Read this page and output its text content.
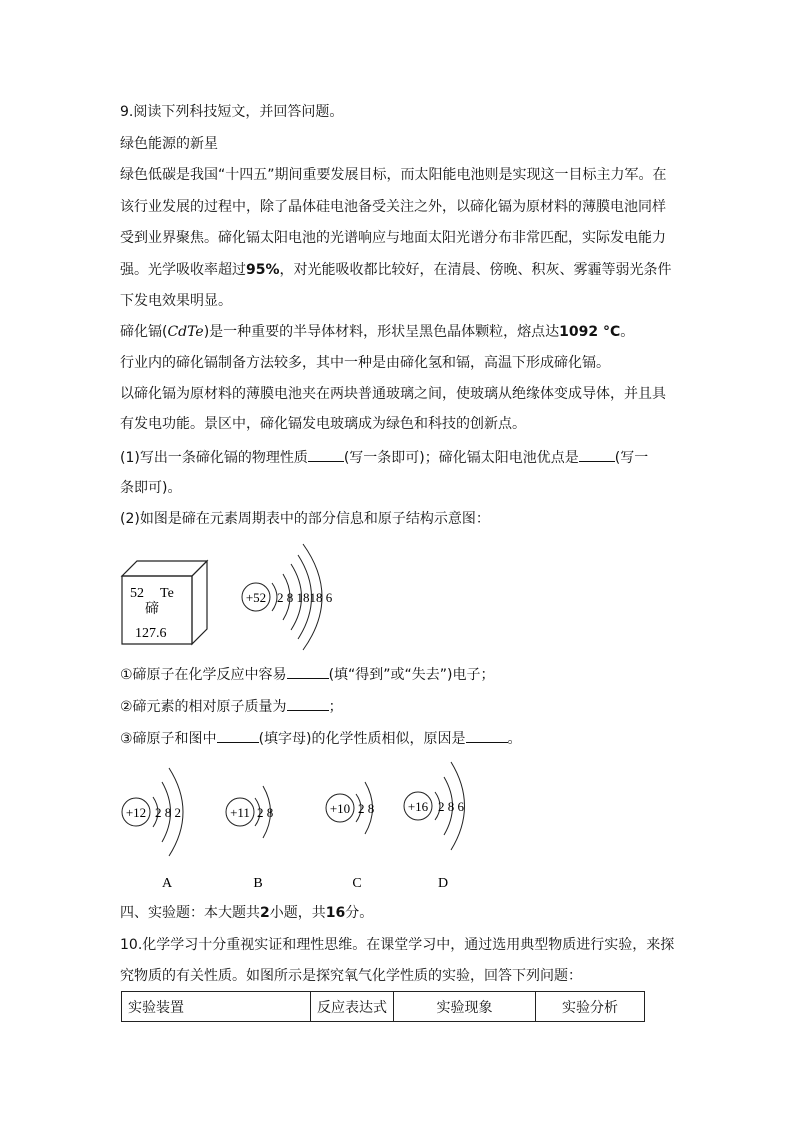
9.阅读下列科技短文，并回答问题。
绿色能源的新星
绿色低碳是我国“十四五”期间重要发展目标，而太阳能电池则是实现这一目标主力军。在
该行业发展的过程中，除了晶体硅电池备受关注之外，以碲化镉为原材料的薄膜电池同样
受到业界聚焦。碲化镉太阳电池的光谱响应与地面太阳光谱分布非常匹配，实际发电能力
强。光学吸收率超过95%，对光能吸收都比较好，在清晨、傍晚、积灰、雾霾等弱光条件
下发电效果明显。
碲化镉(CdTe)是一种重要的半导体材料，形状呈黑色晶体颗粒，熔点达1092 °C。
行业内的碲化镉制备方法较多，其中一种是由碲化氢和镉，高温下形成碲化镉。
以碲化镉为原材料的薄膜电池夹在两块普通玻璃之间，使玻璃从绝缘体变成导体，并且具
有发电功能。景区中，碲化镉发电玻璃成为绿色和科技的创新点。
(1)写出一条碲化镉的物理性质	(写一条即可)；碲化镉太阳电池优点是	(写一
条即可)。
(2)如图是碲在元素周期表中的部分信息和原子结构示意图：
52 Te
碲
127.6
+52 2 8 1818 6
①碲原子在化学反应中容易	(填“得到”或“失去”)电子；
②碲元素的相对原子质量为	；
③碲原子和图中	(填字母)的化学性质相似，原因是	。
+12 2 8 2
A
+11 2 8
B
+10 2 8
C
+16 2 8 6
D
四、实验题：本大题共2小题，共16分。
10.化学学习十分重视实证和理性思维。在课堂学习中，通过选用典型物质进行实验，来探
究物质的有关性质。如图所示是探究氧气化学性质的实验，回答下列问题：
实验装置	反应表达式	实验现象	实验分析
